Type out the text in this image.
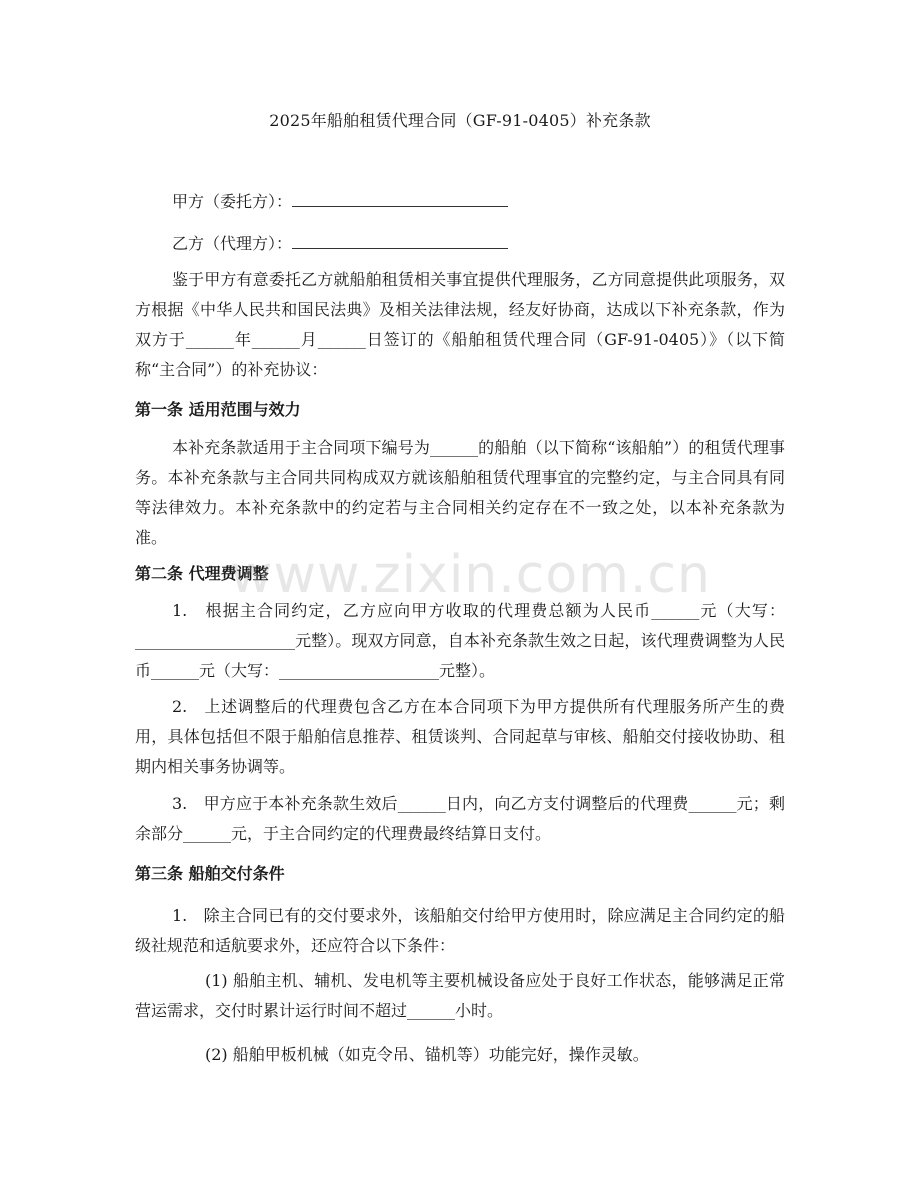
2025年船舶租赁代理合同（GF-91-0405）补充条款

甲方（委托方）：

乙方（代理方）：

鉴于甲方有意委托乙方就船舶租赁相关事宜提供代理服务，乙方同意提供此项服务，双方根据《中华人民共和国民法典》及相关法律法规，经友好协商，达成以下补充条款，作为双方于______年______月______日签订的《船舶租赁代理合同（GF-91-0405）》（以下简称“主合同”）的补充协议：

第一条 适用范围与效力

本补充条款适用于主合同项下编号为______的船舶（以下简称“该船舶”）的租赁代理事务。本补充条款与主合同共同构成双方就该船舶租赁代理事宜的完整约定，与主合同具有同等法律效力。本补充条款中的约定若与主合同相关约定存在不一致之处，以本补充条款为准。

第二条 代理费调整

1.　根据主合同约定，乙方应向甲方收取的代理费总额为人民币______元（大写：____________________元整）。现双方同意，自本补充条款生效之日起，该代理费调整为人民币______元（大写：____________________元整）。

2.　上述调整后的代理费包含乙方在本合同项下为甲方提供所有代理服务所产生的费用，具体包括但不限于船舶信息推荐、租赁谈判、合同起草与审核、船舶交付接收协助、租期内相关事务协调等。

3.　甲方应于本补充条款生效后______日内，向乙方支付调整后的代理费______元；剩余部分______元，于主合同约定的代理费最终结算日支付。

第三条 船舶交付条件

1.　除主合同已有的交付要求外，该船舶交付给甲方使用时，除应满足主合同约定的船级社规范和适航要求外，还应符合以下条件：

(1) 船舶主机、辅机、发电机等主要机械设备应处于良好工作状态，能够满足正常营运需求，交付时累计运行时间不超过______小时。

(2) 船舶甲板机械（如克令吊、锚机等）功能完好，操作灵敏。

www.zixin.com.cn
